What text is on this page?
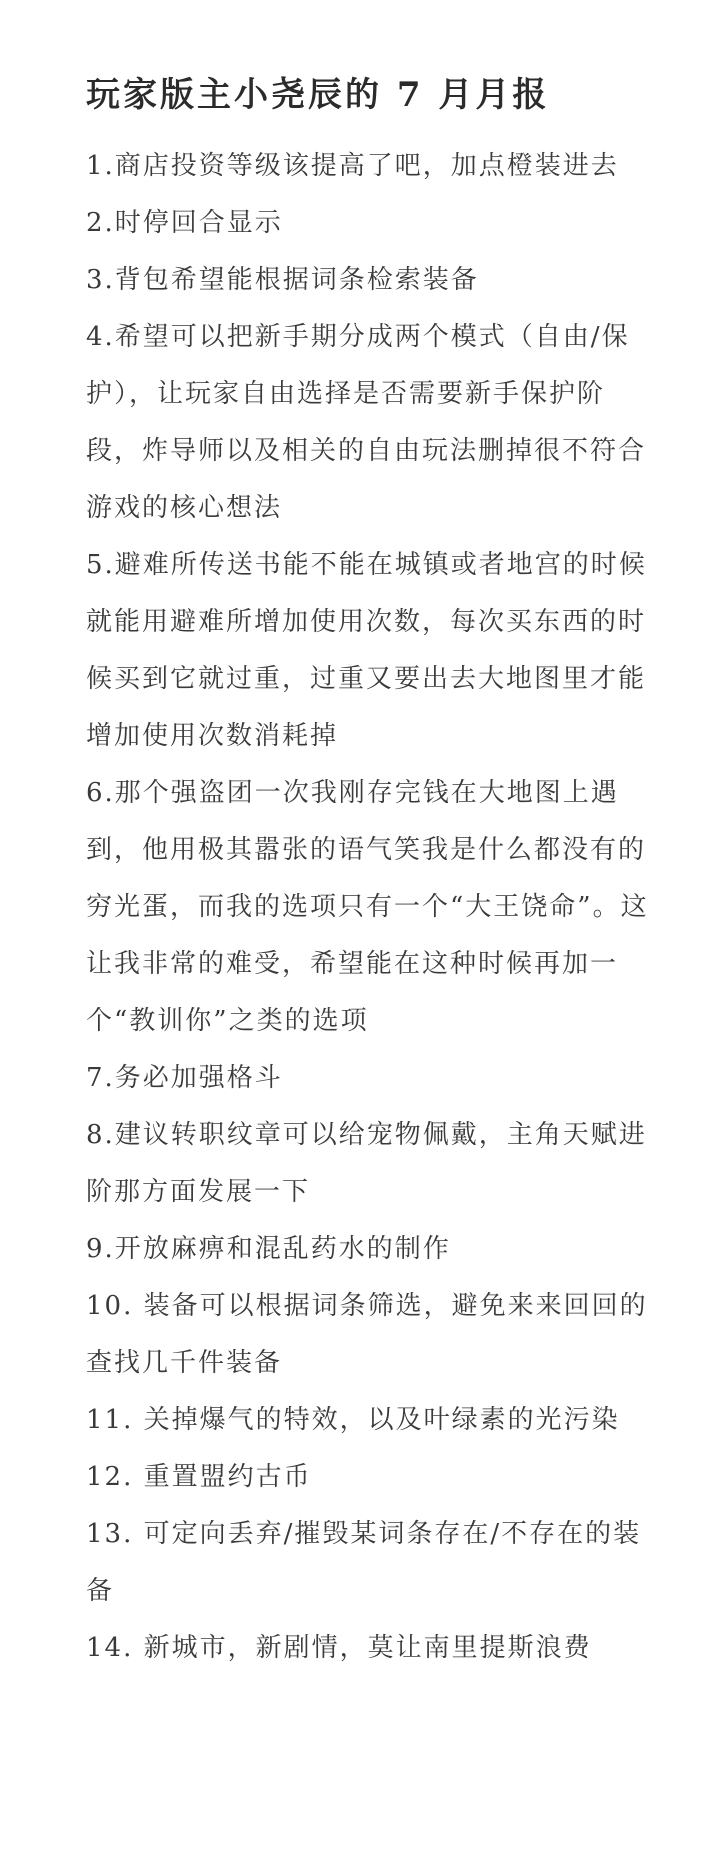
玩家版主小尧辰的 7 月月报
1.商店投资等级该提高了吧，加点橙装进去
2.时停回合显示
3.背包希望能根据词条检索装备
4.希望可以把新手期分成两个模式（自由/保护），让玩家自由选择是否需要新手保护阶段，炸导师以及相关的自由玩法删掉很不符合游戏的核心想法
5.避难所传送书能不能在城镇或者地宫的时候就能用避难所增加使用次数，每次买东西的时候买到它就过重，过重又要出去大地图里才能增加使用次数消耗掉
6.那个强盗团一次我刚存完钱在大地图上遇到，他用极其嚣张的语气笑我是什么都没有的穷光蛋，而我的选项只有一个“大王饶命”。这让我非常的难受，希望能在这种时候再加一个“教训你”之类的选项
7.务必加强格斗
8.建议转职纹章可以给宠物佩戴，主角天赋进阶那方面发展一下
9.开放麻痹和混乱药水的制作
10. 装备可以根据词条筛选，避免来来回回的查找几千件装备
11. 关掉爆气的特效，以及叶绿素的光污染
12. 重置盟约古币
13. 可定向丢弃/摧毁某词条存在/不存在的装备
14. 新城市，新剧情，莫让南里提斯浪费
